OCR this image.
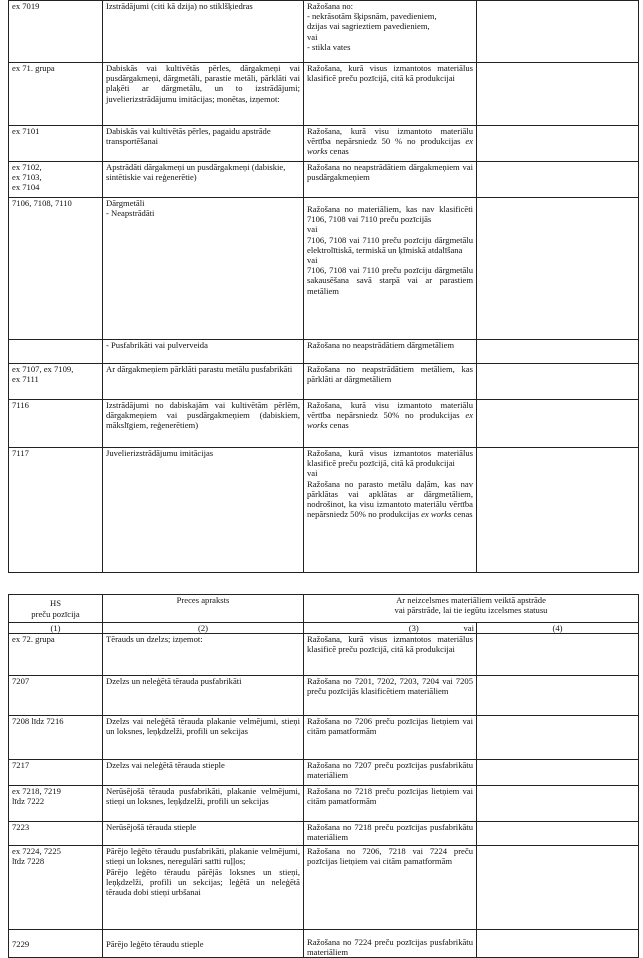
ex 7019	Izstrādājumi (citi kā dzija) no stiklšķiedras	Ražošana no:
- nekrāsotām šķipsnām, pavedieniem,
dzijas vai sagrieztiem pavedieniem,
vai
- stikla vates	

ex 71. grupa	Dabiskās vai kultivētās pērles, dārgakmeņi vai pusdārgakmeņi, dārgmetāli, parastie metāli, pārklāti vai plaķēti ar dārgmetālu, un to izstrādājumi; juvelierizstrādājumu imitācijas; monētas, izņemot:	Ražošana, kurā visus izmantotos materiālus klasificē preču pozīcijā, citā kā produkcijai	

ex 7101	Dabiskās vai kultivētās pērles, pagaidu apstrāde transportēšanai	Ražošana, kurā visu izmantoto materiālu vērtība nepārsniedz 50 % no produkcijas ex works cenas	

ex 7102,
ex 7103,
ex 7104	Apstrādāti dārgakmeņi un pusdārgakmeņi (dabiskie, sintētiskie vai reģenerētie)	Ražošana no neapstrādātiem dārgakmeņiem vai pusdārgakmeņiem	

7106, 7108, 7110	Dārgmetāli
- Neapstrādāti	Ražošana no materiāliem, kas nav klasificēti 7106, 7108 vai 7110 preču pozīcijās
vai
7106, 7108 vai 7110 preču pozīciju dārgmetālu elektrolītiskā, termiskā un ķīmiskā atdalīšana
vai
7106, 7108 vai 7110 preču pozīciju dārgmetālu sakausēšana savā starpā vai ar parastiem metāliem	

	- Pusfabrikāti vai pulverveida	Ražošana no neapstrādātiem dārgmetāliem	

ex 7107, ex 7109,
ex 7111	Ar dārgakmeņiem pārklāti parastu metālu pusfabrikāti	Ražošana no neapstrādātiem metāliem, kas pārklāti ar dārgmetāliem	

7116	Izstrādājumi no dabiskajām vai kultivētām pērlēm, dārgakmeņiem vai pusdārgakmeņiem (dabiskiem, mākslīgiem, reģenerētiem)	Ražošana, kurā visu izmantoto materiālu vērtība nepārsniedz 50% no produkcijas ex works cenas	

7117	Juvelierizstrādājumu imitācijas	Ražošana, kurā visus izmantotos materiālus klasificē preču pozīcijā, citā kā produkcijai
vai
Ražošana no parasto metālu daļām, kas nav pārklātas vai apklātas ar dārgmetāliem, nodrošinot, ka visu izmantoto materiālu vērtība nepārsniedz 50% no produkcijas ex works cenas	
HS
preču pozīcija	Preces apraksts	Ar neizcelsmes materiāliem veiktā apstrāde
vai pārstrāde, lai tie iegūtu izcelsmes statusu	

(1)	(2)	(3) vai	(4)

ex 72. grupa	Tērauds un dzelzs; izņemot:	Ražošana, kurā visus izmantotos materiālus klasificē preču pozīcijā, citā kā produkcijai	

7207	Dzelzs un neleģētā tērauda pusfabrikāti	Ražošana no 7201, 7202, 7203, 7204 vai 7205 preču pozīcijās klasificētiem materiāliem	

7208 līdz 7216	Dzelzs vai neleģētā tērauda plakanie velmējumi, stieņi un loksnes, leņķdzelži, profili un sekcijas	Ražošana no 7206 preču pozīcijas lietņiem vai citām pamatformām	

7217	Dzelzs vai neleģētā tērauda stieple	Ražošana no 7207 preču pozīcijas pusfabrikātu materiāliem	

ex 7218, 7219
līdz 7222	Nerūsējošā tērauda pusfabrikāti, plakanie velmējumi, stieņi un loksnes, leņķdzelži, profili un sekcijas	Ražošana no 7218 preču pozīcijas lietņiem vai citām pamatformām	

7223	Nerūsējošā tērauda stieple	Ražošana no 7218 preču pozīcijas pusfabrikātu materiāliem	

ex 7224, 7225
līdz 7228	Pārējo leģēto tēraudu pusfabrikāti, plakanie velmējumi, stieņi un loksnes, neregulāri satīti ruļļos;
Pārējo leģēto tēraudu pārējās loksnes un stieņi, leņķdzelži, profili un sekcijas; leģētā un neleģētā tērauda dobi stieņi urbšanai	Ražošana no 7206, 7218 vai 7224 preču pozīcijas lietņiem vai citām pamatformām	

7229	Pārējo leģēto tēraudu stieple	Ražošana no 7224 preču pozīcijas pusfabrikātu materiāliem	
